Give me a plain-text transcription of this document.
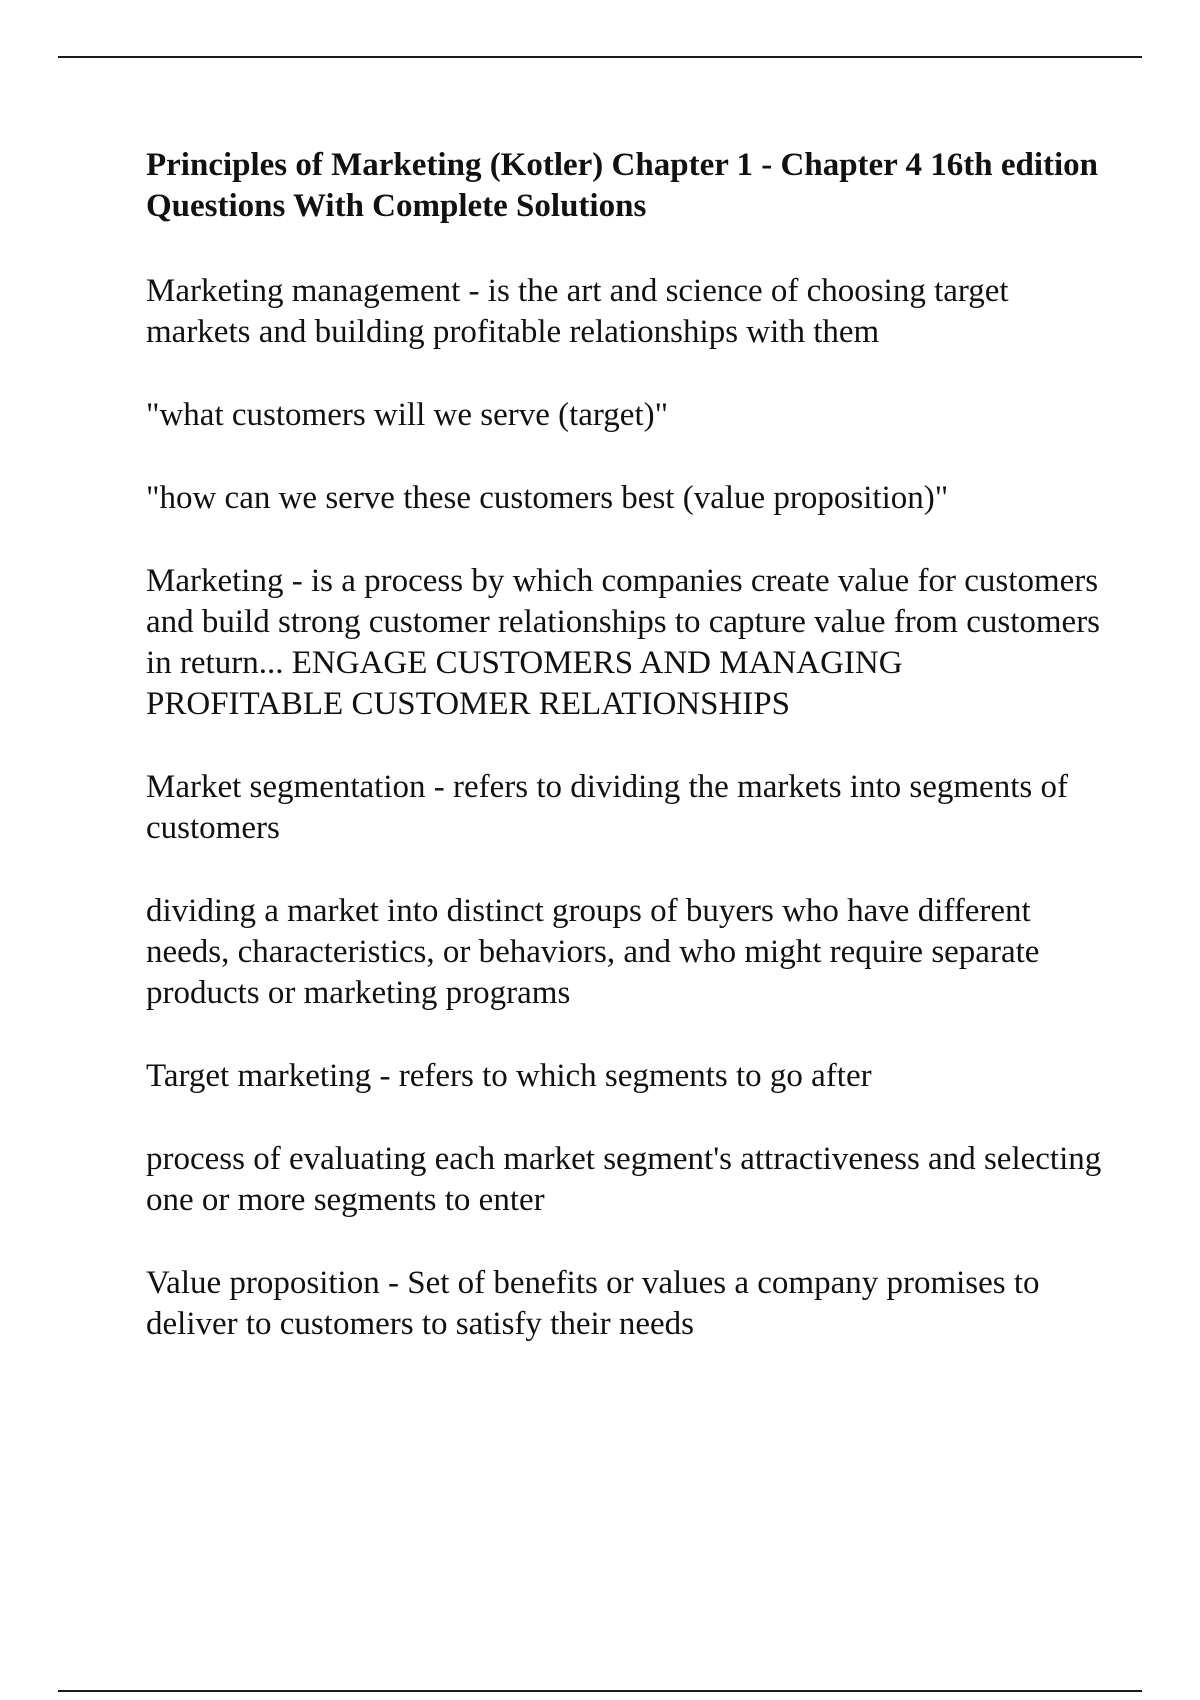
Principles of Marketing (Kotler) Chapter 1 - Chapter 4 16th edition Questions With Complete Solutions

Marketing management - is the art and science of choosing target markets and building profitable relationships with them

"what customers will we serve (target)"

"how can we serve these customers best (value proposition)"

Marketing - is a process by which companies create value for customers and build strong customer relationships to capture value from customers in return... ENGAGE CUSTOMERS AND MANAGING PROFITABLE CUSTOMER RELATIONSHIPS

Market segmentation - refers to dividing the markets into segments of customers

dividing a market into distinct groups of buyers who have different needs, characteristics, or behaviors, and who might require separate products or marketing programs

Target marketing - refers to which segments to go after

process of evaluating each market segment's attractiveness and selecting one or more segments to enter

Value proposition - Set of benefits or values a company promises to deliver to customers to satisfy their needs
